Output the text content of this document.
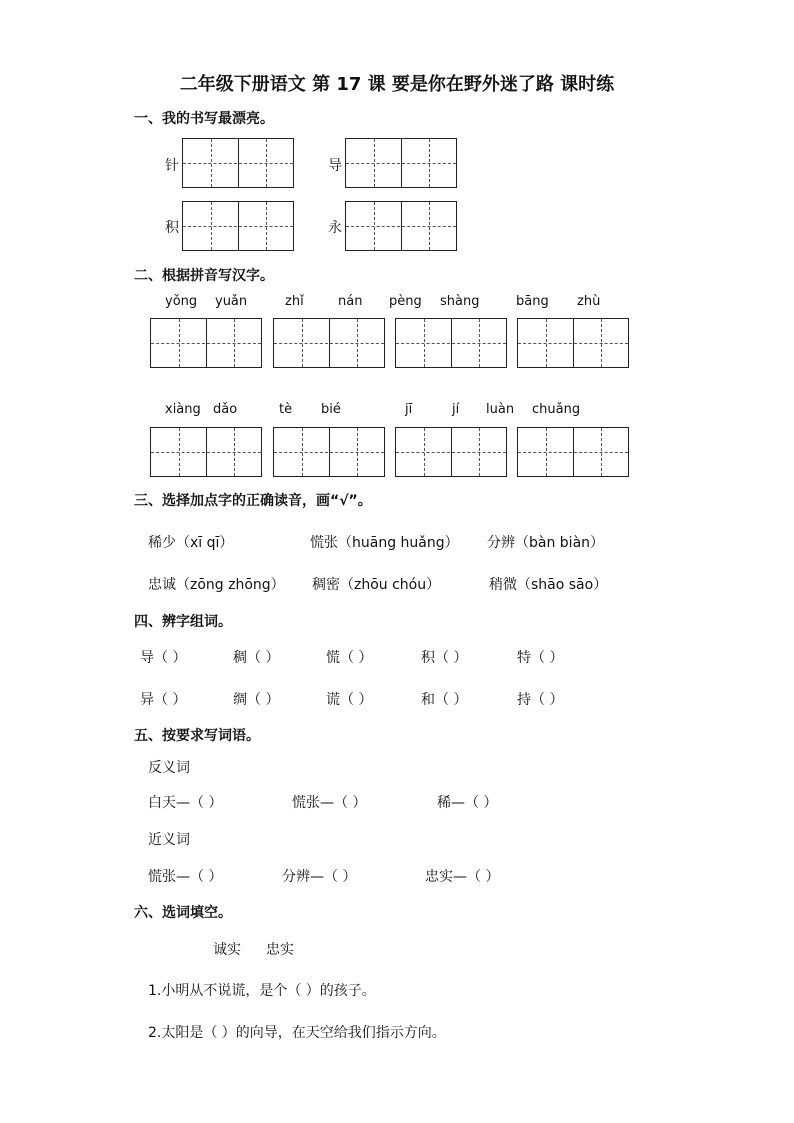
二年级下册语文 第 17 课 要是你在野外迷了路 课时练
一、我的书写最漂亮。
针	导
积	永
二、根据拼音写汉字。
yǒng yuǎn	zhǐ	nán pèng shàng	bāng zhù
xiàng dǎo	tè bié	jī	jí luàn chuǎng
三、选择加点字的正确读音，画“√”。
稀少（xī qī）	慌张（huāng huǎng） 分辨（bàn biàn）
忠诚（zōng zhōng） 稠密（zhōu chóu）	稍微（shāo sāo）
四、辨字组词。
导（ ）	稠（ ）	慌（ ）	积（ ）	特（ ）
异（ ）	绸（ ）	谎（ ）	和（ ）	持（ ）
五、按要求写词语。
反义词
白天—（ ）	慌张—（ ）	稀—（ ）
近义词
慌张—（ ）	分辨—（ ）	忠实—（ ）
六、选词填空。
诚实 忠实
1.小明从不说谎，是个（ ）的孩子。
2.太阳是（ ）的向导，在天空给我们指示方向。
